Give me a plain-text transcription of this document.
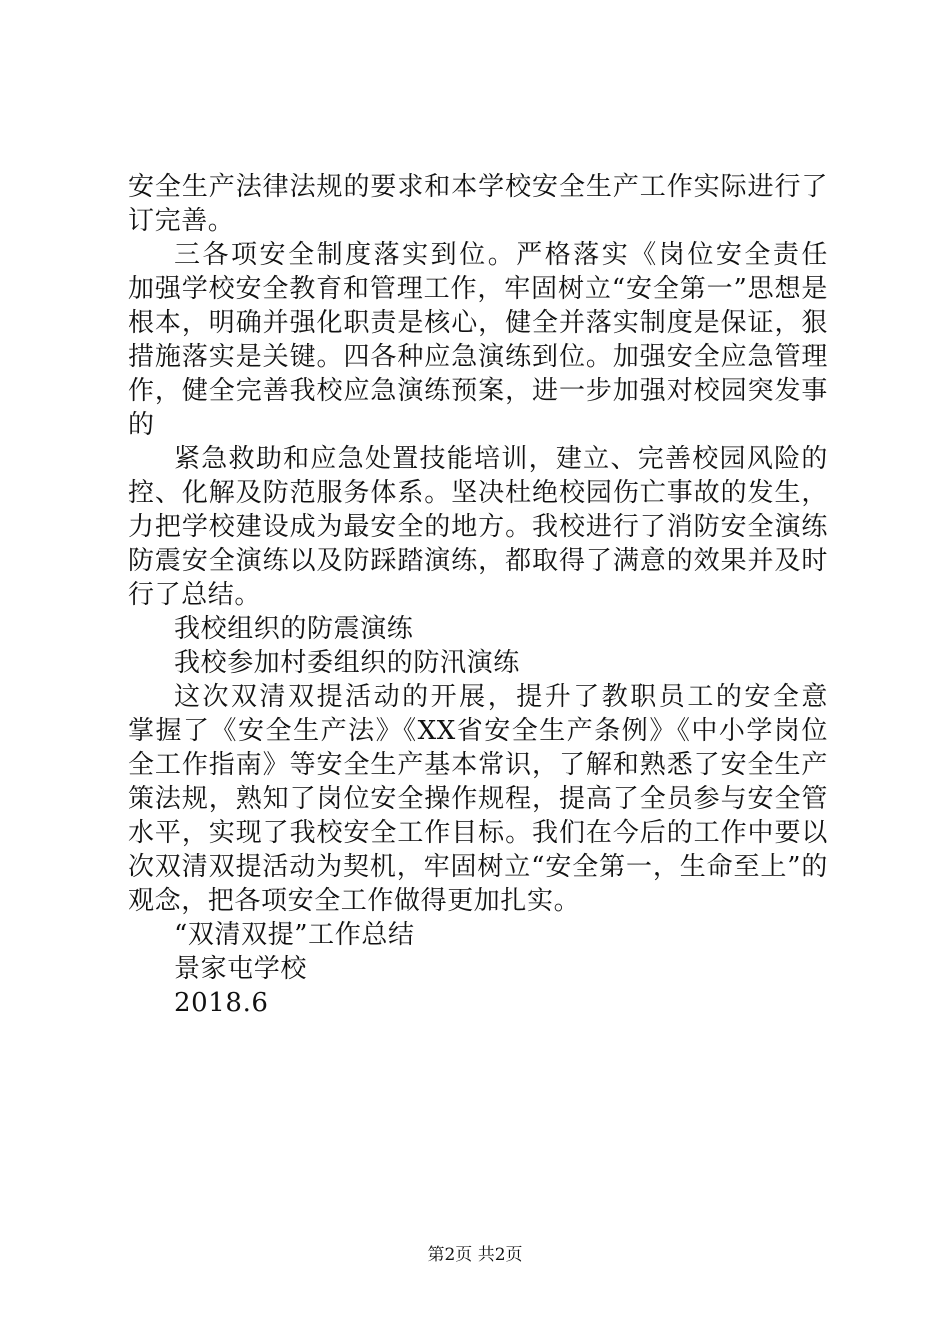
安全生产法律法规的要求和本学校安全生产工作实际进行了
订完善。
三各项安全制度落实到位。严格落实《岗位安全责任
加强学校安全教育和管理工作，牢固树立“安全第一”思想是
根本，明确并强化职责是核心，健全并落实制度是保证，狠
措施落实是关键。四各种应急演练到位。加强安全应急管理
作，健全完善我校应急演练预案，进一步加强对校园突发事
的
紧急救助和应急处置技能培训，建立、完善校园风险的
控、化解及防范服务体系。坚决杜绝校园伤亡事故的发生，
力把学校建设成为最安全的地方。我校进行了消防安全演练
防震安全演练以及防踩踏演练，都取得了满意的效果并及时
行了总结。
我校组织的防震演练
我校参加村委组织的防汛演练
这次双清双提活动的开展，提升了教职员工的安全意
掌握了《安全生产法》《XX省安全生产条例》《中小学岗位
全工作指南》等安全生产基本常识，了解和熟悉了安全生产
策法规，熟知了岗位安全操作规程，提高了全员参与安全管
水平，实现了我校安全工作目标。我们在今后的工作中要以
次双清双提活动为契机，牢固树立“安全第一，生命至上”的
观念，把各项安全工作做得更加扎实。
“双清双提”工作总结
景家屯学校
2018.6
第2页 共2页
